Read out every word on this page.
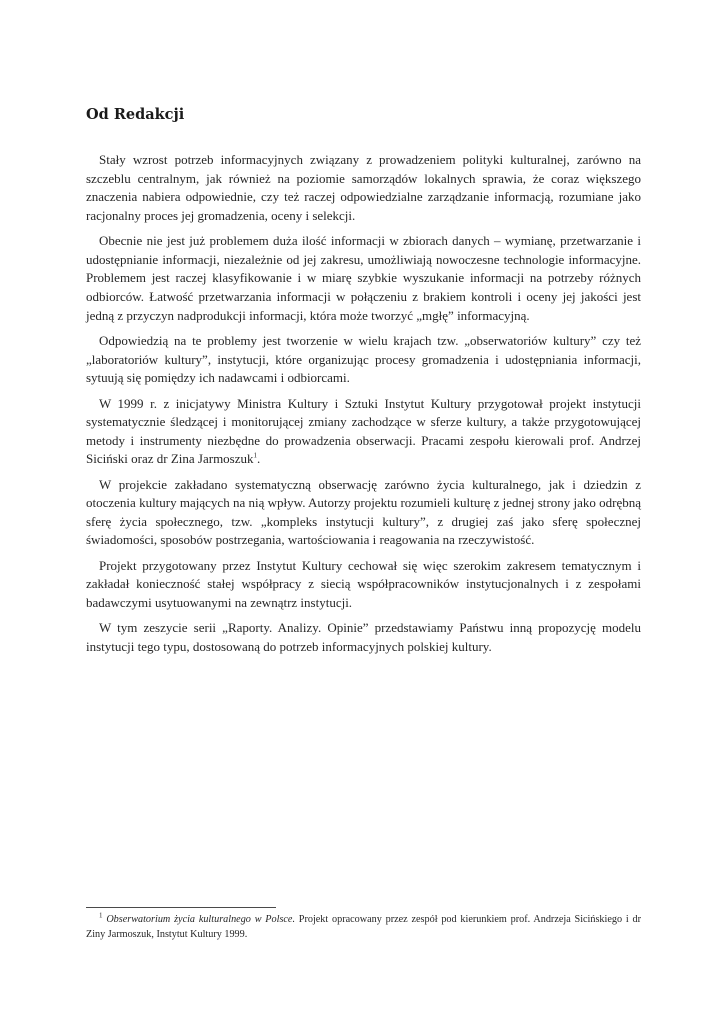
Od Redakcji

Stały wzrost potrzeb informacyjnych związany z prowadzeniem polityki kulturalnej, zarówno na szczeblu centralnym, jak również na poziomie samorządów lokalnych sprawia, że coraz większego znaczenia nabiera odpowiednie, czy też raczej odpowiedzialne zarządzanie informacją, rozumiane jako racjonalny proces jej gromadzenia, oceny i selekcji.

Obecnie nie jest już problemem duża ilość informacji w zbiorach danych – wymianę, przetwarzanie i udostępnianie informacji, niezależnie od jej zakresu, umożliwiają nowoczesne technologie informacyjne. Problemem jest raczej klasyfikowanie i w miarę szybkie wyszukanie informacji na potrzeby różnych odbiorców. Łatwość przetwarzania informacji w połączeniu z brakiem kontroli i oceny jej jakości jest jedną z przyczyn nadprodukcji informacji, która może tworzyć „mgłę” informacyjną.

Odpowiedzią na te problemy jest tworzenie w wielu krajach tzw. „obserwatoriów kultury” czy też „laboratoriów kultury”, instytucji, które organizując procesy gromadzenia i udostępniania informacji, sytuują się pomiędzy ich nadawcami i odbiorcami.

W 1999 r. z inicjatywy Ministra Kultury i Sztuki Instytut Kultury przygotował projekt instytucji systematycznie śledzącej i monitorującej zmiany zachodzące w sferze kultury, a także przygotowującej metody i instrumenty niezbędne do prowadzenia obserwacji. Pracami zespołu kierowali prof. Andrzej Siciński oraz dr Zina Jarmoszuk$^1$.

W projekcie zakładano systematyczną obserwację zarówno życia kulturalnego, jak i dziedzin z otoczenia kultury mających na nią wpływ. Autorzy projektu rozumieli kulturę z jednej strony jako odrębną sferę życia społecznego, tzw. „kompleks instytucji kultury”, z drugiej zaś jako sferę społecznej świadomości, sposobów postrzegania, wartościowania i reagowania na rzeczywistość.

Projekt przygotowany przez Instytut Kultury cechował się więc szerokim zakresem tematycznym i zakładał konieczność stałej współpracy z siecią współpracowników instytucjonalnych i z zespołami badawczymi usytuowanymi na zewnątrz instytucji.

W tym zeszycie serii „Raporty. Analizy. Opinie” przedstawiamy Państwu inną propozycję modelu instytucji tego typu, dostosowaną do potrzeb informacyjnych polskiej kultury.

$^1$ Obserwatorium życia kulturalnego w Polsce. Projekt opracowany przez zespół pod kierunkiem prof. Andrzeja Sicińskiego i dr Ziny Jarmoszuk, Instytut Kultury 1999.
